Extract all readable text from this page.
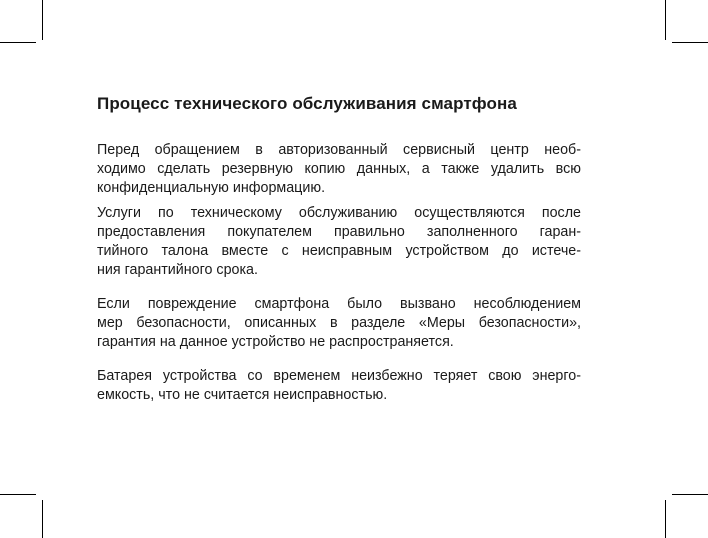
Процесс технического обслуживания смартфона

Перед обращением в авторизованный сервисный центр необ-
ходимо сделать резервную копию данных, а также удалить всю
конфиденциальную информацию.

Услуги по техническому обслуживанию осуществляются после
предоставления покупателем правильно заполненного гаран-
тийного талона вместе с неисправным устройством до истече-
ния гарантийного срока.

Если повреждение смартфона было вызвано несоблюдением
мер безопасности, описанных в разделе «Меры безопасности»,
гарантия на данное устройство не распространяется.

Батарея устройства со временем неизбежно теряет свою энерго-
емкость, что не считается неисправностью.
